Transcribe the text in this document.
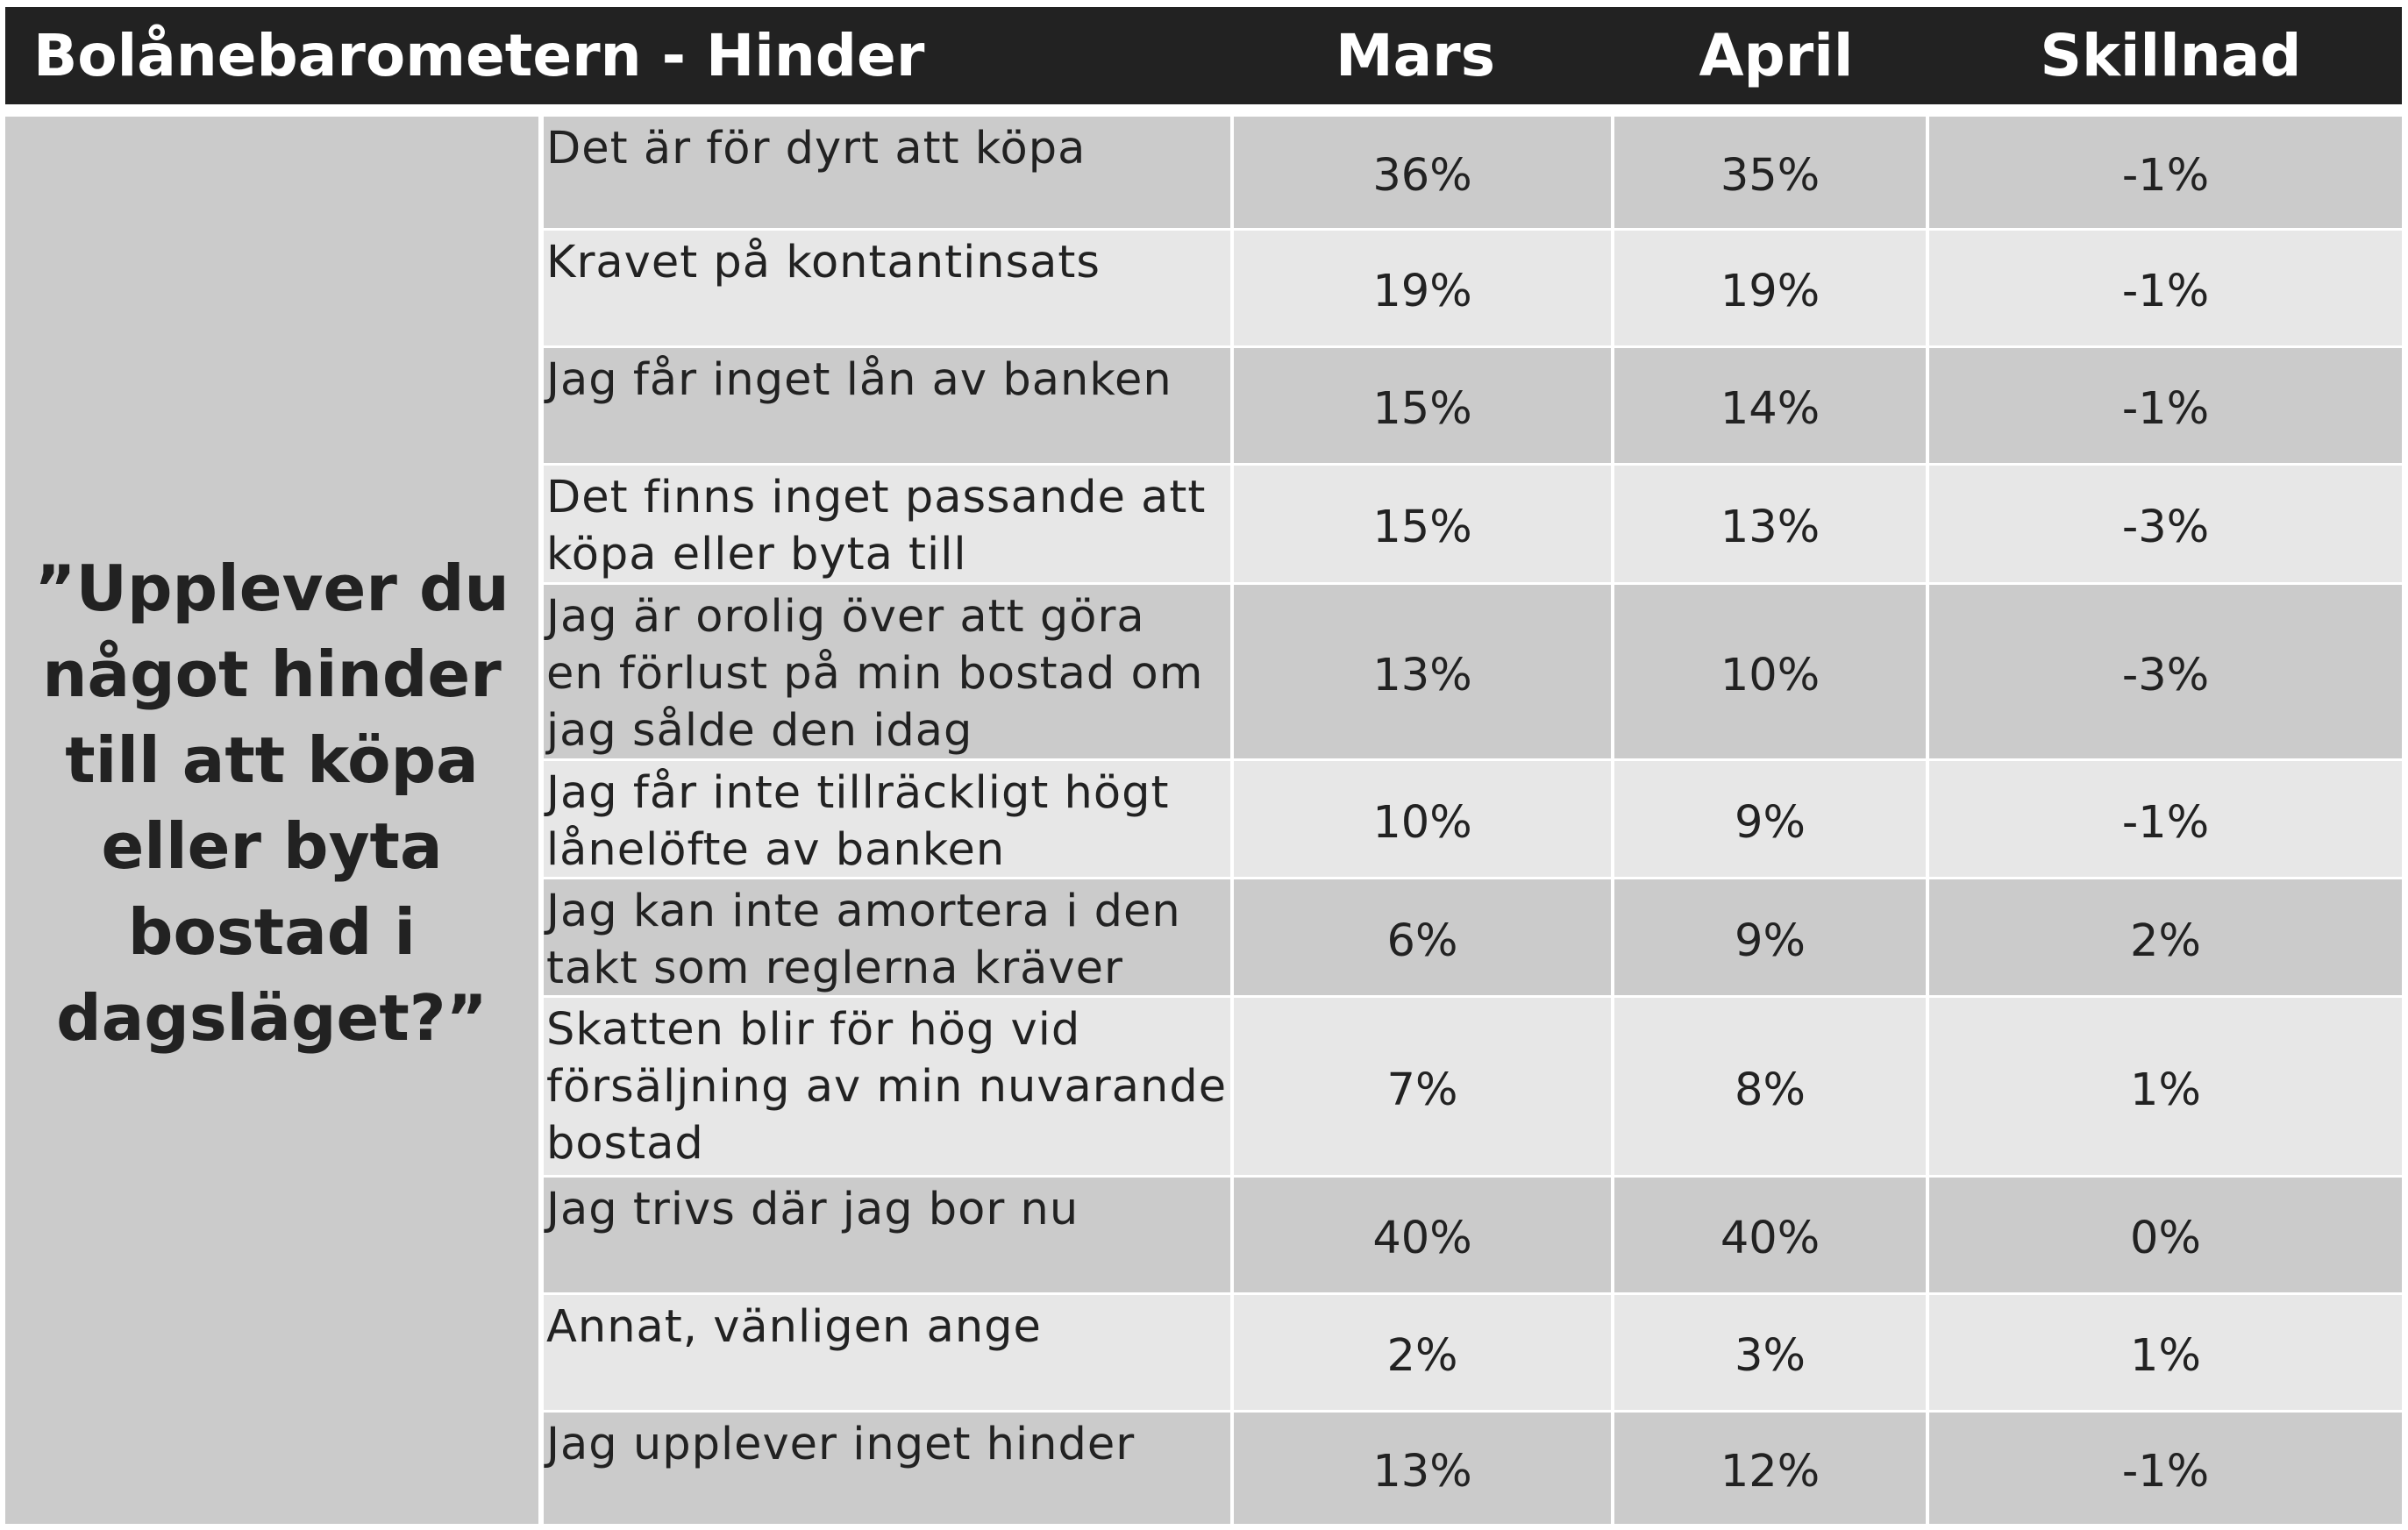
Bolånebarometern - Hinder	Mars	April	Skillnad
”Upplever du något hinder till att köpa eller byta bostad i dagsläget?”
Det är för dyrt att köpa
36%	35%	-1%
Kravet på kontantinsats
19%	19%	-1%
Jag får inget lån av banken
15%	14%	-1%
Det finns inget passande att
köpa eller byta till
15%	13%	-3%
Jag är orolig över att göra
en förlust på min bostad om
jag sålde den idag
13%	10%	-3%
Jag får inte tillräckligt högt
lånelöfte av banken
10%	9%	-1%
Jag kan inte amortera i den
takt som reglerna kräver
6%	9%	2%
Skatten blir för hög vid
försäljning av min nuvarande
bostad
7%	8%	1%
Jag trivs där jag bor nu
40%	40%	0%
Annat, vänligen ange
2%	3%	1%
Jag upplever inget hinder
13%	12%	-1%
